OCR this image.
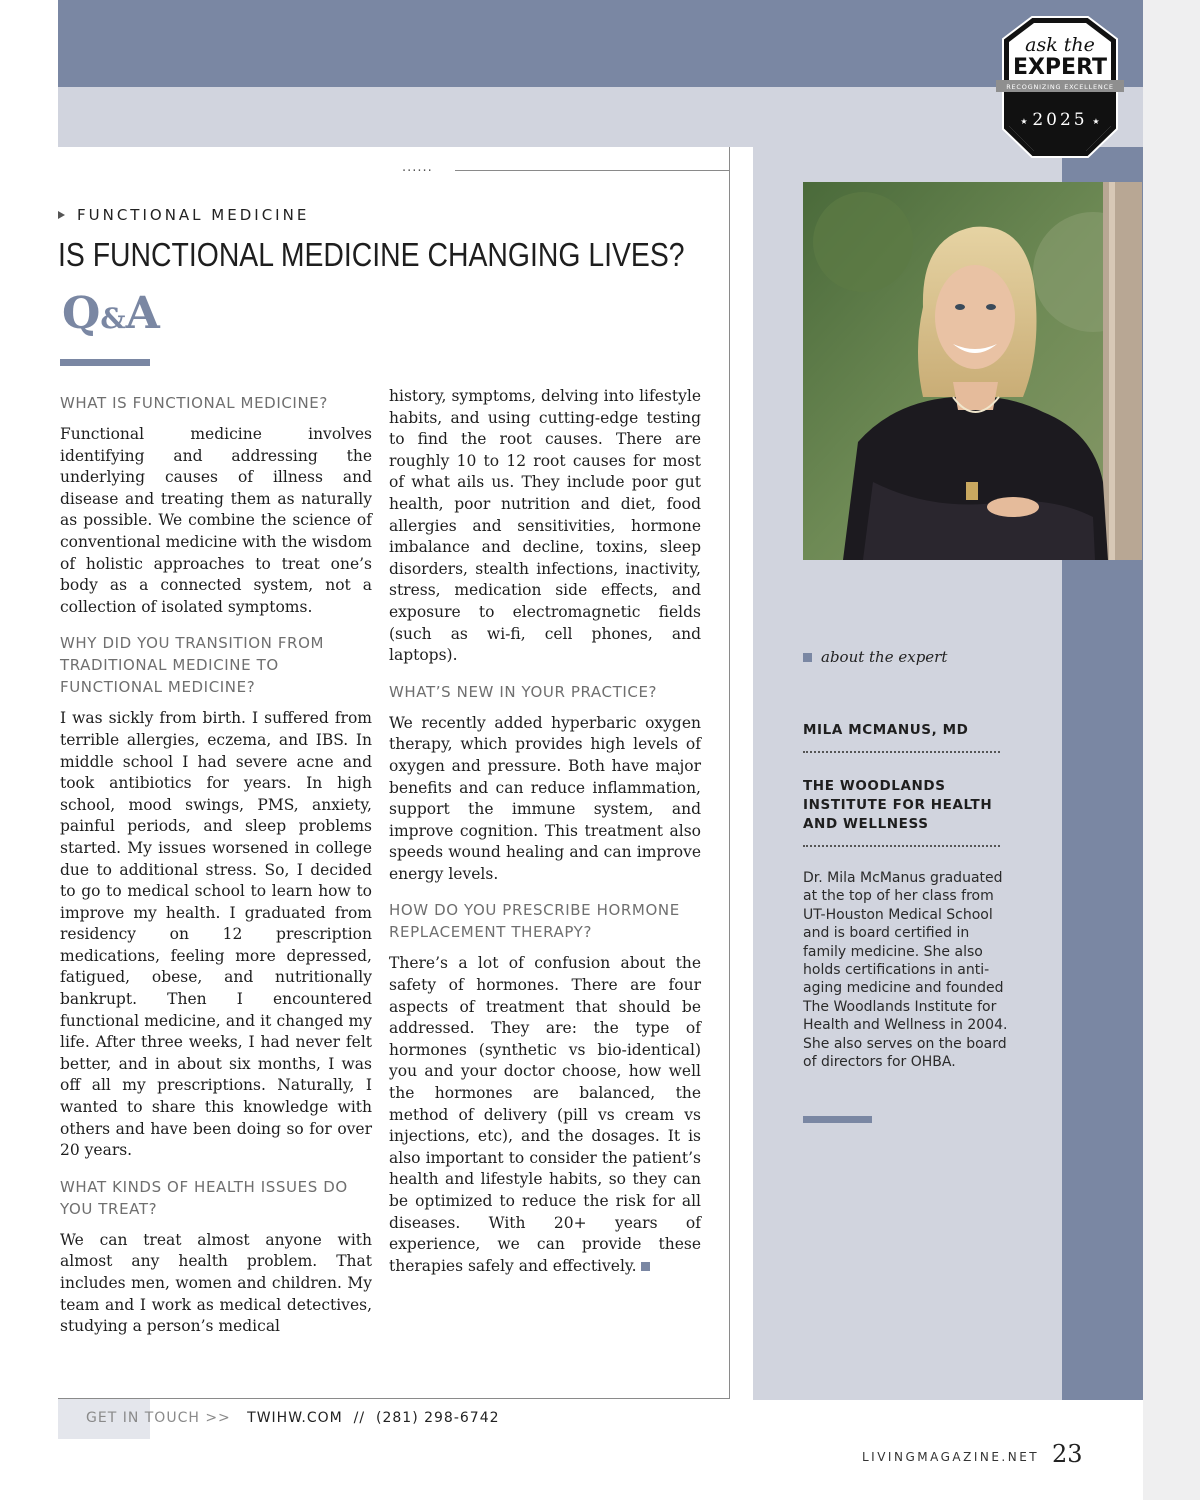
......
ask the
EXPERT
RECOGNIZING EXCELLENCE
★ 2025 ★
FUNCTIONAL MEDICINE
IS FUNCTIONAL MEDICINE CHANGING LIVES?
Q&A
WHAT IS FUNCTIONAL MEDICINE?

Functional medicine involves identifying and addressing the underlying causes of illness and disease and treating them as naturally as possible. We combine the science of conventional medicine with the wisdom of holistic approaches to treat one’s body as a connected system, not a collection of isolated symptoms.

WHY DID YOU TRANSITION FROM TRADITIONAL MEDICINE TO FUNCTIONAL MEDICINE?

I was sickly from birth. I suffered from terrible allergies, eczema, and IBS. In middle school I had severe acne and took antibiotics for years. In high school, mood swings, PMS, anxiety, painful periods, and sleep problems started. My issues worsened in college due to additional stress. So, I decided to go to medical school to learn how to improve my health. I graduated from residency on 12 prescription medications, feeling more depressed, fatigued, obese, and nutritionally bankrupt. Then I encountered functional medicine, and it changed my life. After three weeks, I had never felt better, and in about six months, I was off all my prescriptions. Naturally, I wanted to share this knowledge with others and have been doing so for over 20 years.

WHAT KINDS OF HEALTH ISSUES DO YOU TREAT?

We can treat almost anyone with almost any health problem. That includes men, women and children. My team and I work as medical detectives, studying a person’s medical

history, symptoms, delving into lifestyle habits, and using cutting-edge testing to find the root causes. There are roughly 10 to 12 root causes for most of what ails us. They include poor gut health, poor nutrition and diet, food allergies and sensitivities, hormone imbalance and decline, toxins, sleep disorders, stealth infections, inactivity, stress, medication side effects, and exposure to electromagnetic fields (such as wi-fi, cell phones, and laptops).

WHAT’S NEW IN YOUR PRACTICE?

We recently added hyperbaric oxygen therapy, which provides high levels of oxygen and pressure. Both have major benefits and can reduce inflammation, support the immune system, and improve cognition. This treatment also speeds wound healing and can improve energy levels.

HOW DO YOU PRESCRIBE HORMONE REPLACEMENT THERAPY?

There’s a lot of confusion about the safety of hormones. There are four aspects of treatment that should be addressed. They are: the type of hormones (synthetic vs bio-identical) you and your doctor choose, how well the hormones are balanced, the method of delivery (pill vs cream vs injections, etc), and the dosages. It is also important to consider the patient’s health and lifestyle habits, so they can be optimized to reduce the risk for all diseases. With 20+ years of experience, we can provide these therapies safely and effectively.

about the expert
MILA MCMANUS, MD
THE WOODLANDS INSTITUTE FOR HEALTH AND WELLNESS
Dr. Mila McManus graduated at the top of her class from UT-Houston Medical School and is board certified in family medicine. She also holds certifications in anti-aging medicine and founded The Woodlands Institute for Health and Wellness in 2004. She also serves on the board of directors for OHBA.
GET IN TOUCH >> TWIHW.COM // (281) 298-6742
LIVINGMAGAZINE.NET 23
